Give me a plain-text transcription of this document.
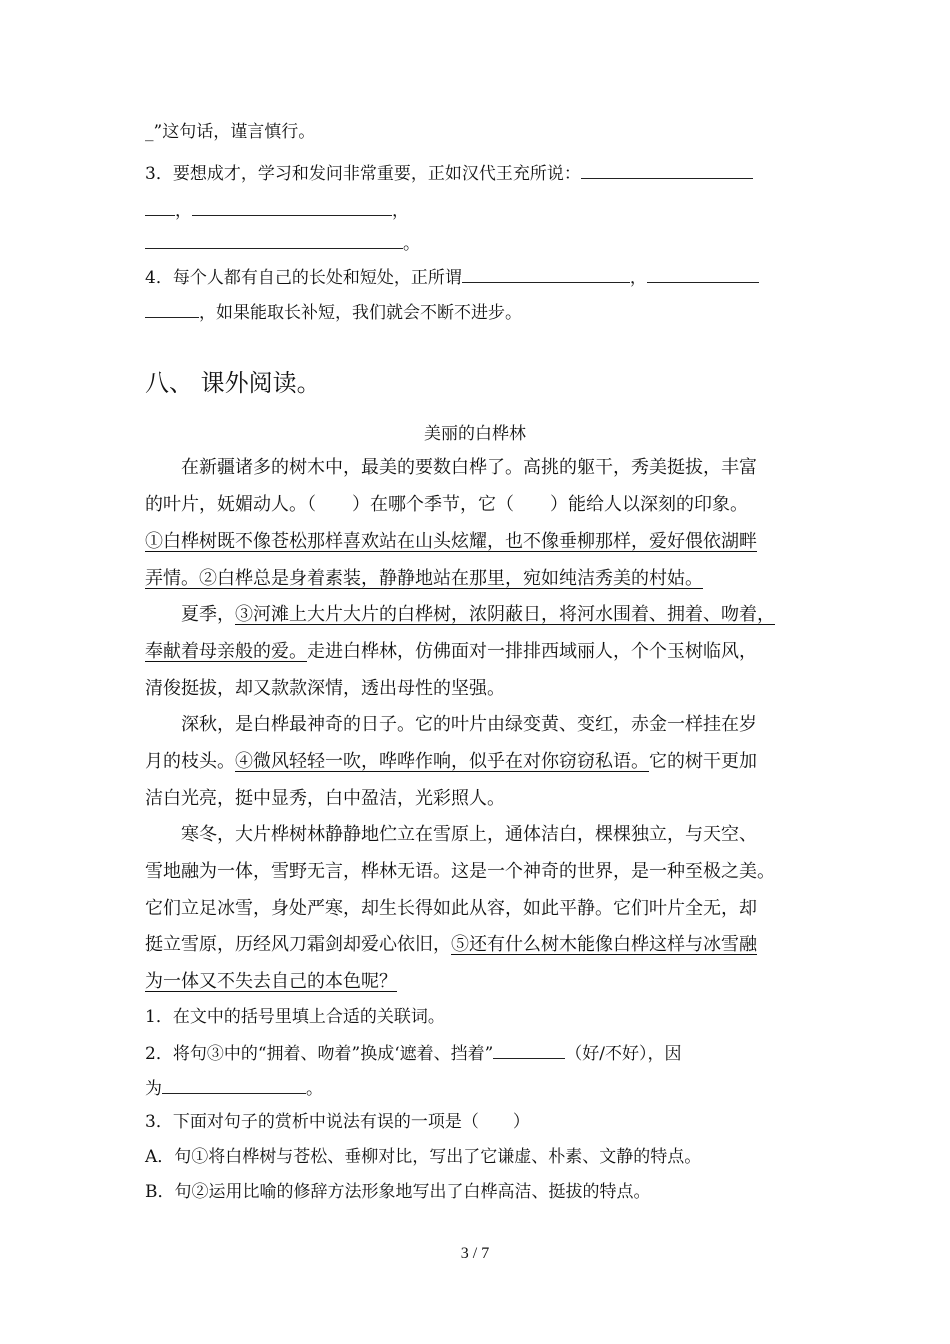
_”这句话，谨言慎行。
3．要想成才，学习和发问非常重要，正如汉代王充所说：
，	，
。
4．每个人都有自己的长处和短处，正所谓	，
，如果能取长补短，我们就会不断不进步。
八、 课外阅读。
美丽的白桦林
在新疆诸多的树木中，最美的要数白桦了。高挑的躯干，秀美挺拔，丰富
的叶片，妩媚动人。（　　）在哪个季节，它（　　）能给人以深刻的印象。
①白桦树既不像苍松那样喜欢站在山头炫耀，也不像垂柳那样，爱好偎依湖畔
弄情。②白桦总是身着素装，静静地站在那里，宛如纯洁秀美的村姑。
夏季，③河滩上大片大片的白桦树，浓阴蔽日，将河水围着、拥着、吻着，
奉献着母亲般的爱。走进白桦林，仿佛面对一排排西域丽人，个个玉树临风，
清俊挺拔，却又款款深情，透出母性的坚强。
深秋，是白桦最神奇的日子。它的叶片由绿变黄、变红，赤金一样挂在岁
月的枝头。④微风轻轻一吹，哗哗作响，似乎在对你窃窃私语。它的树干更加
洁白光亮，挺中显秀，白中盈洁，光彩照人。
寒冬，大片桦树林静静地伫立在雪原上，通体洁白，棵棵独立，与天空、
雪地融为一体，雪野无言，桦林无语。这是一个神奇的世界，是一种至极之美。
它们立足冰雪，身处严寒，却生长得如此从容，如此平静。它们叶片全无，却
挺立雪原，历经风刀霜剑却爱心依旧，⑤还有什么树木能像白桦这样与冰雪融
为一体又不失去自己的本色呢？
1．在文中的括号里填上合适的关联词。
2．将句③中的“拥着、吻着”换成‘遮着、挡着”	（好/不好），因
为	。
3．下面对句子的赏析中说法有误的一项是（　　）
A．句①将白桦树与苍松、垂柳对比，写出了它谦虚、朴素、文静的特点。
B．句②运用比喻的修辞方法形象地写出了白桦高洁、挺拔的特点。
3 / 7
